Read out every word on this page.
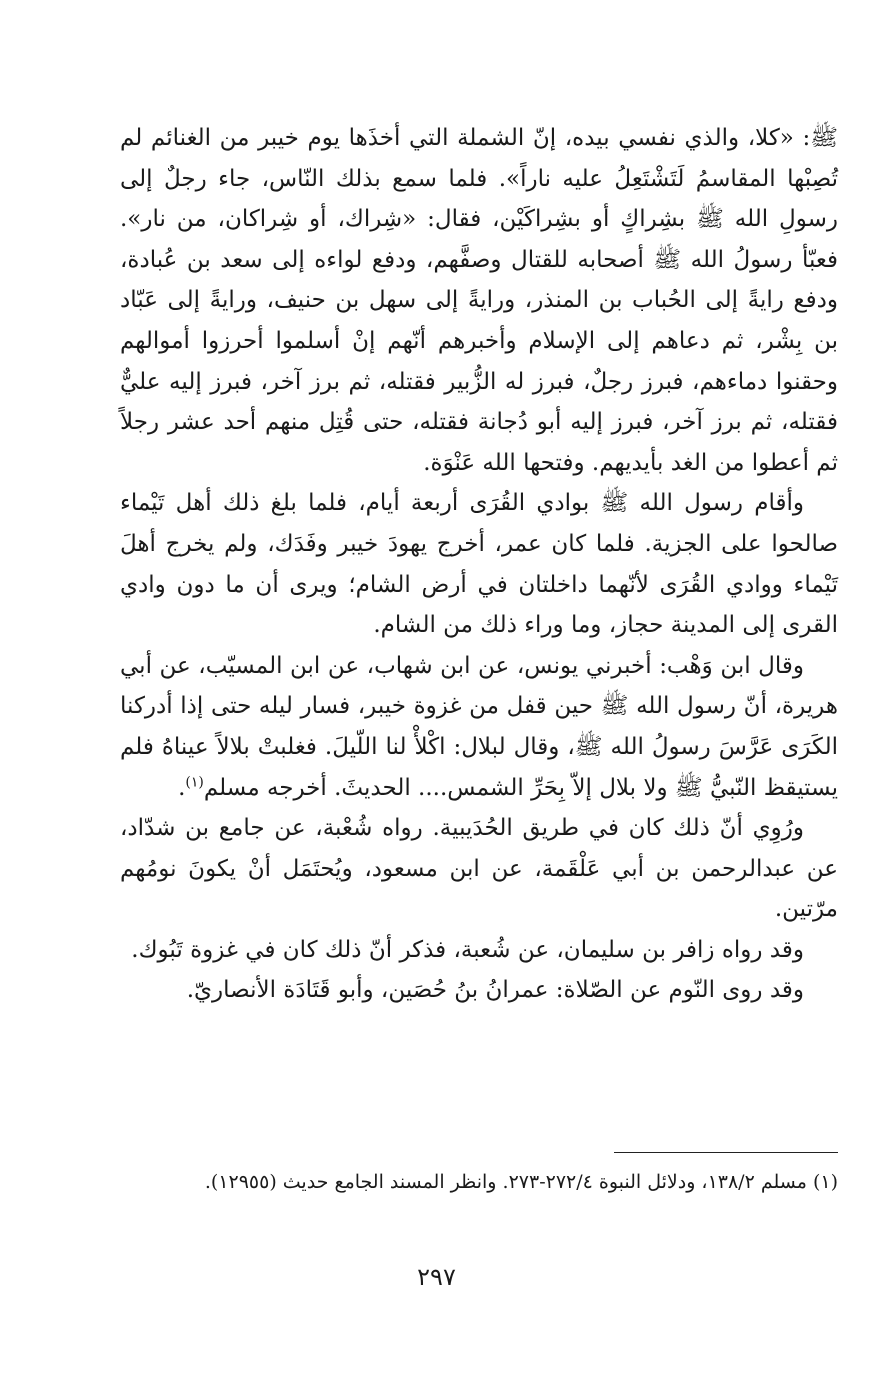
ﷺ: «كلا، والذي نفسي بيده، إنّ الشملة التي أخذَها يوم خيبر من الغنائم لم تُصِبْها المقاسمُ لَتَشْتَعِلُ عليه ناراً». فلما سمع بذلك النّاس، جاء رجلٌ إلى رسولِ الله ﷺ بشِراكٍ أو بشِراكَيْن، فقال: «شِراك، أو شِراكان، من نار». فعبّأ رسولُ الله ﷺ أصحابه للقتال وصفَّهم، ودفع لواءه إلى سعد بن عُبادة، ودفع رايةً إلى الحُباب بن المنذر، ورايةً إلى سهل بن حنيف، ورايةً إلى عَبّاد بن بِشْر، ثم دعاهم إلى الإسلام وأخبرهم أنّهم إنْ أسلموا أحرزوا أموالهم وحقنوا دماءهم، فبرز رجلٌ، فبرز له الزُّبير فقتله، ثم برز آخر، فبرز إليه عليٌّ فقتله، ثم برز آخر، فبرز إليه أبو دُجانة فقتله، حتى قُتِل منهم أحد عشر رجلاً ثم أعطوا من الغد بأيديهم. وفتحها الله عَنْوَة.

وأقام رسول الله ﷺ بوادي القُرَى أربعة أيام، فلما بلغ ذلك أهل تَيْماء صالحوا على الجزية. فلما كان عمر، أخرج يهودَ خيبر وفَدَك، ولم يخرج أهلَ تَيْماء ووادي القُرَى لأنّهما داخلتان في أرض الشام؛ ويرى أن ما دون وادي القرى إلى المدينة حجاز، وما وراء ذلك من الشام.

وقال ابن وَهْب: أخبرني يونس، عن ابن شهاب، عن ابن المسيّب، عن أبي هريرة، أنّ رسول الله ﷺ حين قفل من غزوة خيبر، فسار ليله حتى إذا أدركنا الكَرَى عَرَّسَ رسولُ الله ﷺ، وقال لبلال: اكْلأْ لنا اللّيلَ. فغلبتْ بلالاً عيناهُ فلم يستيقظ النّبيُّ ﷺ ولا بلال إلاّ بِحَرِّ الشمس.... الحديثَ. أخرجه مسلم$^{(١)}$.

ورُوِي أنّ ذلك كان في طريق الحُدَيبية. رواه شُعْبة، عن جامع بن شدّاد، عن عبدالرحمن بن أبي عَلْقَمة، عن ابن مسعود، ويُحتَمَل أنْ يكونَ نومُهم مرّتين.

وقد رواه زافر بن سليمان، عن شُعبة، فذكر أنّ ذلك كان في غزوة تَبُوك.

وقد روى النّوم عن الصّلاة: عمرانُ بنُ حُصَين، وأبو قَتَادَة الأنصاريّ.

(١) مسلم ١٣٨/٢، ودلائل النبوة ٢٧٢/٤-٢٧٣. وانظر المسند الجامع حديث (١٢٩٥٥).

٢٩٧
